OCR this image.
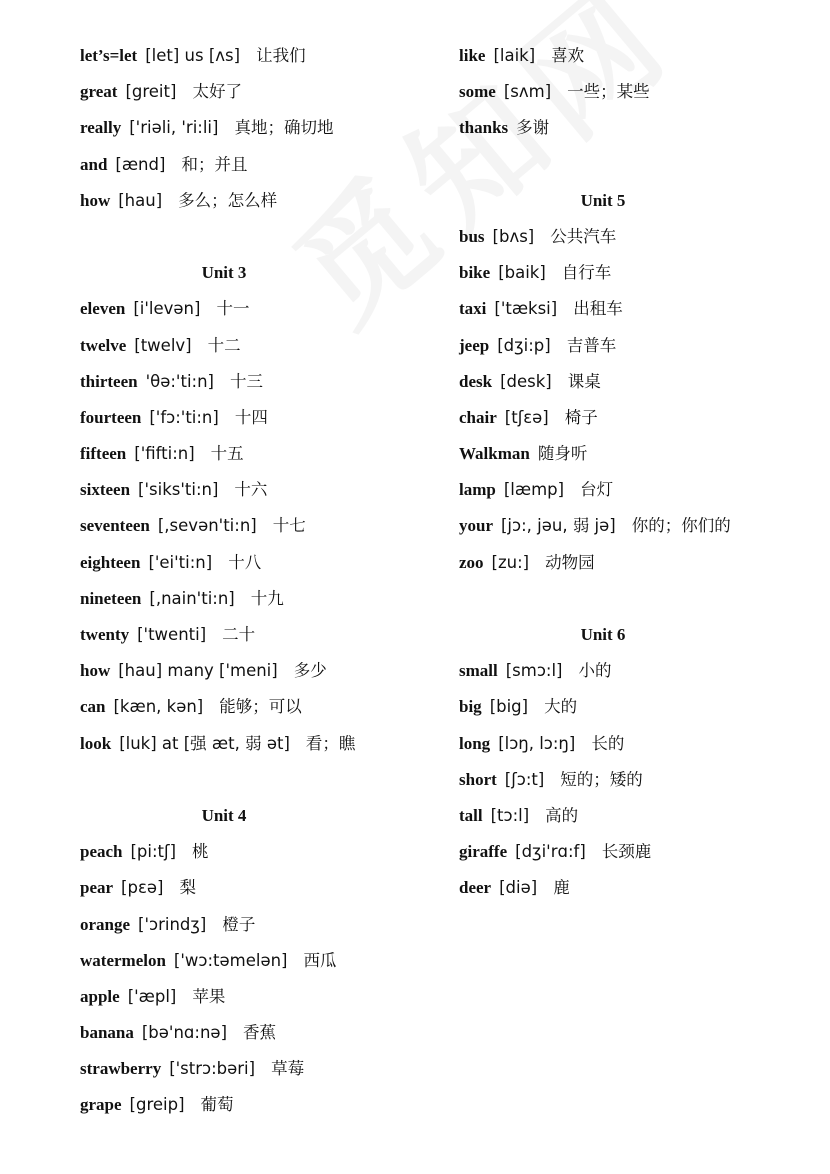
let’s=let [let] us [ʌs] 让我们
great [greit] 太好了
really ['riəli, 'ri:li] 真地；确切地
and [ænd] 和；并且
how [hau] 多么；怎么样
Unit 3
eleven [i'levən] 十一
twelve [twelv] 十二
thirteen 'θə:'ti:n] 十三
fourteen ['fɔ:'ti:n] 十四
fifteen ['fifti:n] 十五
sixteen ['siks'ti:n] 十六
seventeen [,sevən'ti:n] 十七
eighteen ['ei'ti:n] 十八
nineteen [,nain'ti:n] 十九
twenty ['twenti] 二十
how [hau] many ['meni] 多少
can [kæn, kən] 能够；可以
look [luk] at [强 æt, 弱 ət] 看；瞧
Unit 4
peach [pi:tʃ] 桃
pear [pɛə] 梨
orange ['ɔrindʒ] 橙子
watermelon ['wɔ:təmelən] 西瓜
apple ['æpl] 苹果
banana [bə'nɑ:nə] 香蕉
strawberry ['strɔ:bəri] 草莓
grape [greip] 葡萄
like [laik] 喜欢
some [sʌm] 一些；某些
thanks 多谢
Unit 5
bus [bʌs] 公共汽车
bike [baik] 自行车
taxi ['tæksi] 出租车
jeep [dʒi:p] 吉普车
desk [desk] 课桌
chair [tʃɛə] 椅子
Walkman 随身听
lamp [læmp] 台灯
your [jɔ:, jəu, 弱 jə] 你的；你们的
zoo [zu:] 动物园
Unit 6
small [smɔ:l] 小的
big [big] 大的
long [lɔŋ, lɔ:ŋ] 长的
short [ʃɔ:t] 短的；矮的
tall [tɔ:l] 高的
giraffe [dʒi'rɑ:f] 长颈鹿
deer [diə] 鹿
